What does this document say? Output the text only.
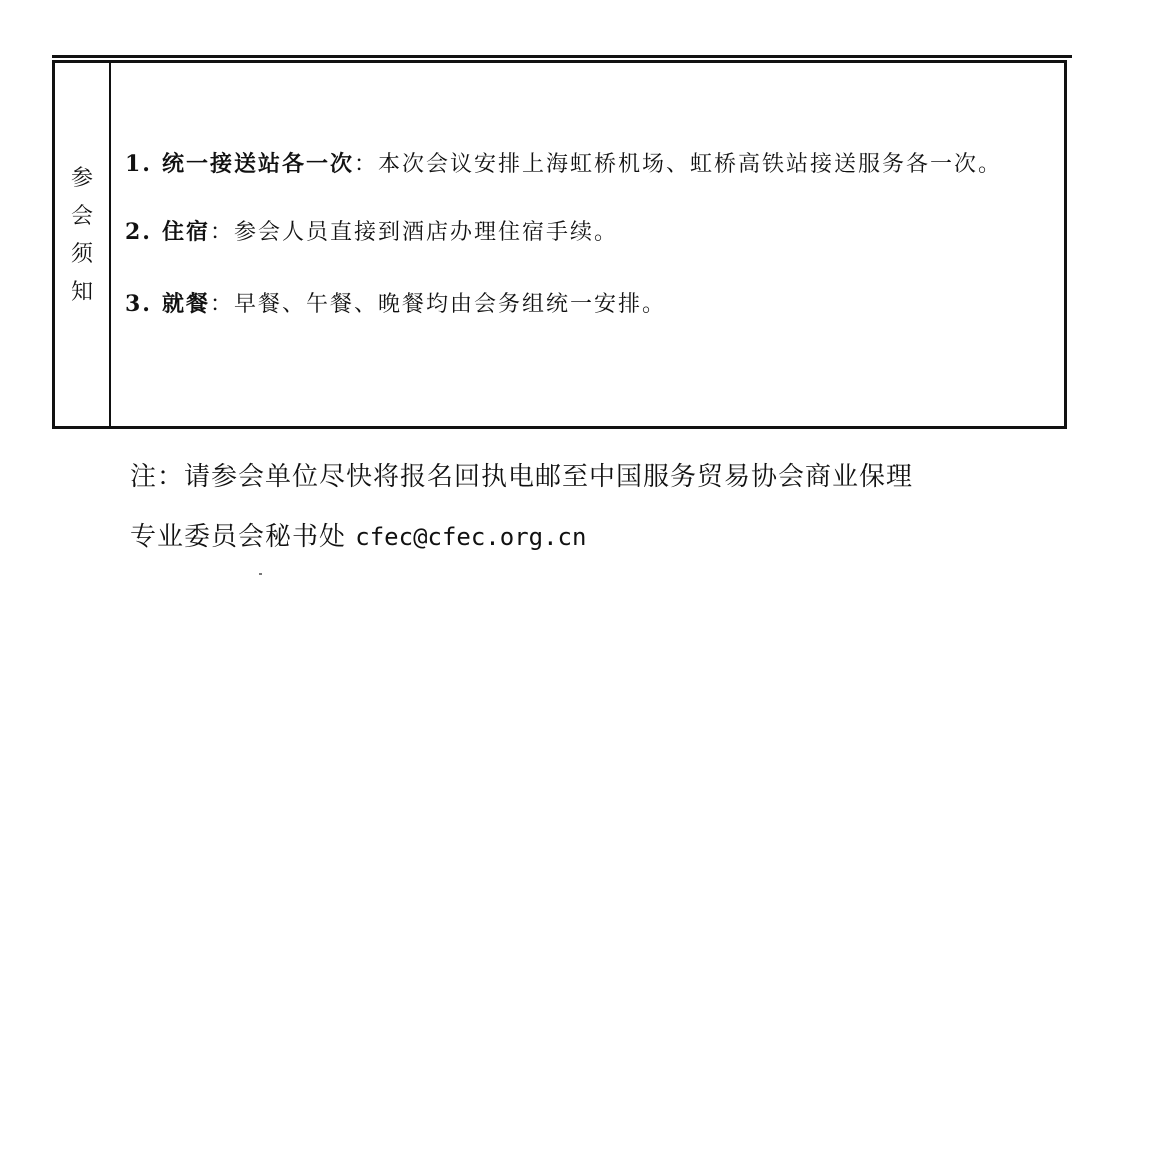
参
会
须
知
1. 统一接送站各一次：本次会议安排上海虹桥机场、虹桥高铁站接送服务各一次。
2. 住宿：参会人员直接到酒店办理住宿手续。
3. 就餐：早餐、午餐、晚餐均由会务组统一安排。
注：请参会单位尽快将报名回执电邮至中国服务贸易协会商业保理
专业委员会秘书处 cfec@cfec.org.cn
